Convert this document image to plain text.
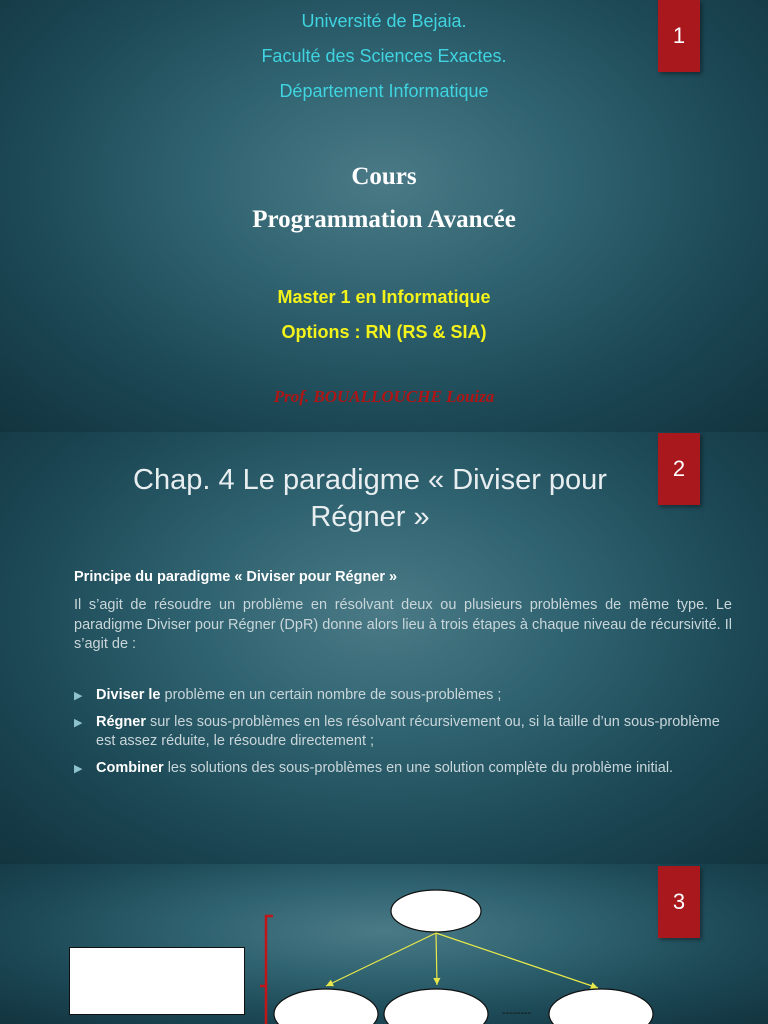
1
Université de Bejaia.
Faculté des Sciences Exactes.
Département Informatique
Cours
Programmation Avancée
Master 1 en Informatique
Options : RN (RS & SIA)
Prof. BOUALLOUCHE Louiza
2
Chap. 4 Le paradigme « Diviser pour
Régner »
Principe du paradigme « Diviser pour Régner »
Il s’agit de résoudre un problème en résolvant deux ou plusieurs problèmes de même type. Le paradigme Diviser pour Régner (DpR) donne alors lieu à trois étapes à chaque niveau de récursivité. Il s’agit de :
▶ Diviser le problème en un certain nombre de sous-problèmes ;
▶ Régner sur les sous-problèmes en les résolvant récursivement ou, si la taille d’un sous-problème est assez réduite, le résoudre directement ;
▶ Combiner les solutions des sous-problèmes en une solution complète du problème initial.
3
--------
